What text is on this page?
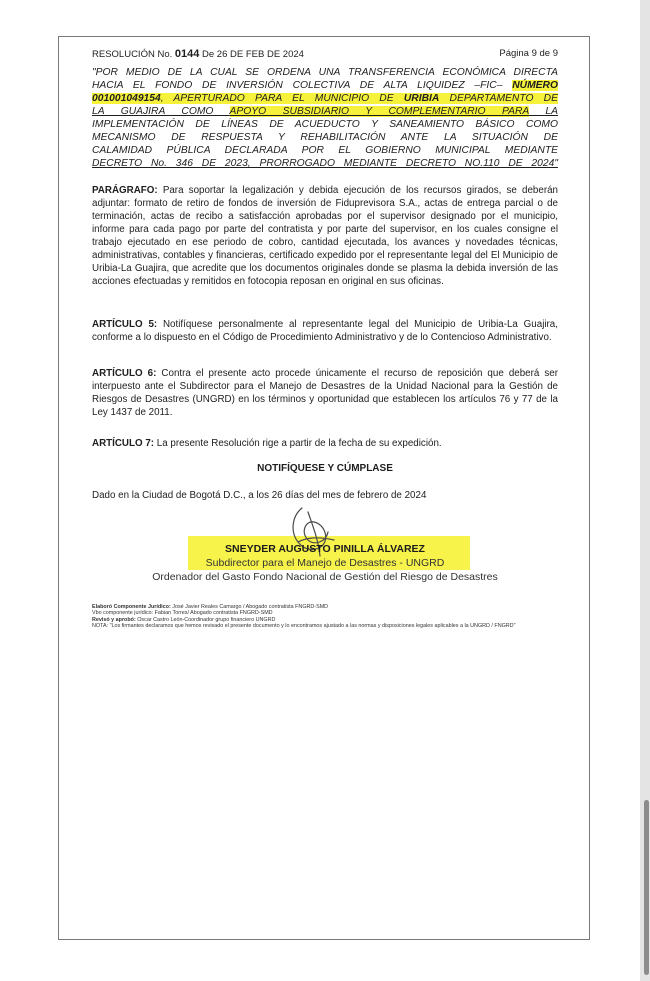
RESOLUCIÓN No. 0144 De 26 DE FEB DE 2024	Página 9 de 9
"POR MEDIO DE LA CUAL SE ORDENA UNA TRANSFERENCIA ECONÓMICA DIRECTA
HACIA EL FONDO DE INVERSIÓN COLECTIVA DE ALTA LIQUIDEZ –FIC– NÚMERO
001001049154, APERTURADO PARA EL MUNICIPIO DE URIBIA DEPARTAMENTO DE
LA GUAJIRA COMO APOYO SUBSIDIARIO Y COMPLEMENTARIO PARA LA
IMPLEMENTACIÓN DE LÍNEAS DE ACUEDUCTO Y SANEAMIENTO BÁSICO COMO
MECANISMO DE RESPUESTA Y REHABILITACIÓN ANTE LA SITUACIÓN DE
CALAMIDAD PÚBLICA DECLARADA POR EL GOBIERNO MUNICIPAL MEDIANTE
DECRETO No. 346 DE 2023, PRORROGADO MEDIANTE DECRETO NO.110 DE 2024"

PARÁGRAFO: Para soportar la legalización y debida ejecución de los recursos girados, se deberán adjuntar: formato de retiro de fondos de inversión de Fiduprevisora S.A., actas de entrega parcial o de terminación, actas de recibo a satisfacción aprobadas por el supervisor designado por el municipio, informe para cada pago por parte del contratista y por parte del supervisor, en los cuales consigne el trabajo ejecutado en ese periodo de cobro, cantidad ejecutada, los avances y novedades técnicas, administrativas, contables y financieras, certificado expedido por el representante legal del El Municipio de Uribia-La Guajira, que acredite que los documentos originales donde se plasma la debida inversión de las acciones efectuadas y remitidos en fotocopia reposan en original en sus oficinas.

ARTÍCULO 5: Notifíquese personalmente al representante legal del Municipio de Uribia-La Guajira, conforme a lo dispuesto en el Código de Procedimiento Administrativo y de lo Contencioso Administrativo.

ARTÍCULO 6: Contra el presente acto procede únicamente el recurso de reposición que deberá ser interpuesto ante el Subdirector para el Manejo de Desastres de la Unidad Nacional para la Gestión de Riesgos de Desastres (UNGRD) en los términos y oportunidad que establecen los artículos 76 y 77 de la Ley 1437 de 2011.

ARTÍCULO 7: La presente Resolución rige a partir de la fecha de su expedición.

NOTIFÍQUESE Y CÚMPLASE

Dado en la Ciudad de Bogotá D.C., a los 26 días del mes de febrero de 2024

SNEYDER AUGUSTO PINILLA ÁLVAREZ

Subdirector para el Manejo de Desastres - UNGRD

Ordenador del Gasto Fondo Nacional de Gestión del Riesgo de Desastres

Elaboró Componente Jurídico: José Javier Reales Camargo / Abogado contratista FNGRD-SMD
Vbo componente jurídico: Fabian Torres/ Abogado contratista FNGRD-SMD
Revisó y aprobó: Oscar Castro León-Coordinador grupo financiero UNGRD
NOTA: "Los firmantes declaramos que hemos revisado el presente documento y lo encontramos ajustado a las normas y disposiciones legales aplicables a la UNGRD / FNGRD"
